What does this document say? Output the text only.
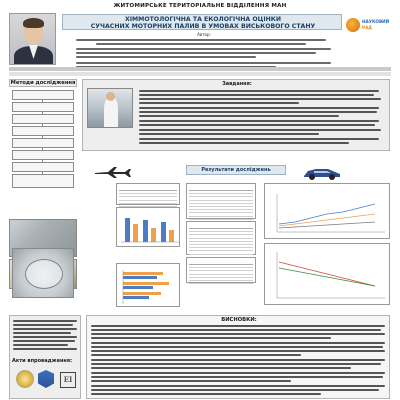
ЖИТОМИРСЬКЕ ТЕРИТОРІАЛЬНЕ ВІДДІЛЕННЯ МАН
ХІММОТОЛОГІЧНА ТА ЕКОЛОГІЧНА ОЦІНКИ
СУЧАСНИХ МОТОРНИХ ПАЛИВ В УМОВАХ ВИСЬКОВОГО СТАНУ
НАУКОВИЙ
РАД
Автор:
Методи дослідження	Завдання:
Результати досліджень
Акти впровадження:
ЕІ
ВИСНОВКИ:
